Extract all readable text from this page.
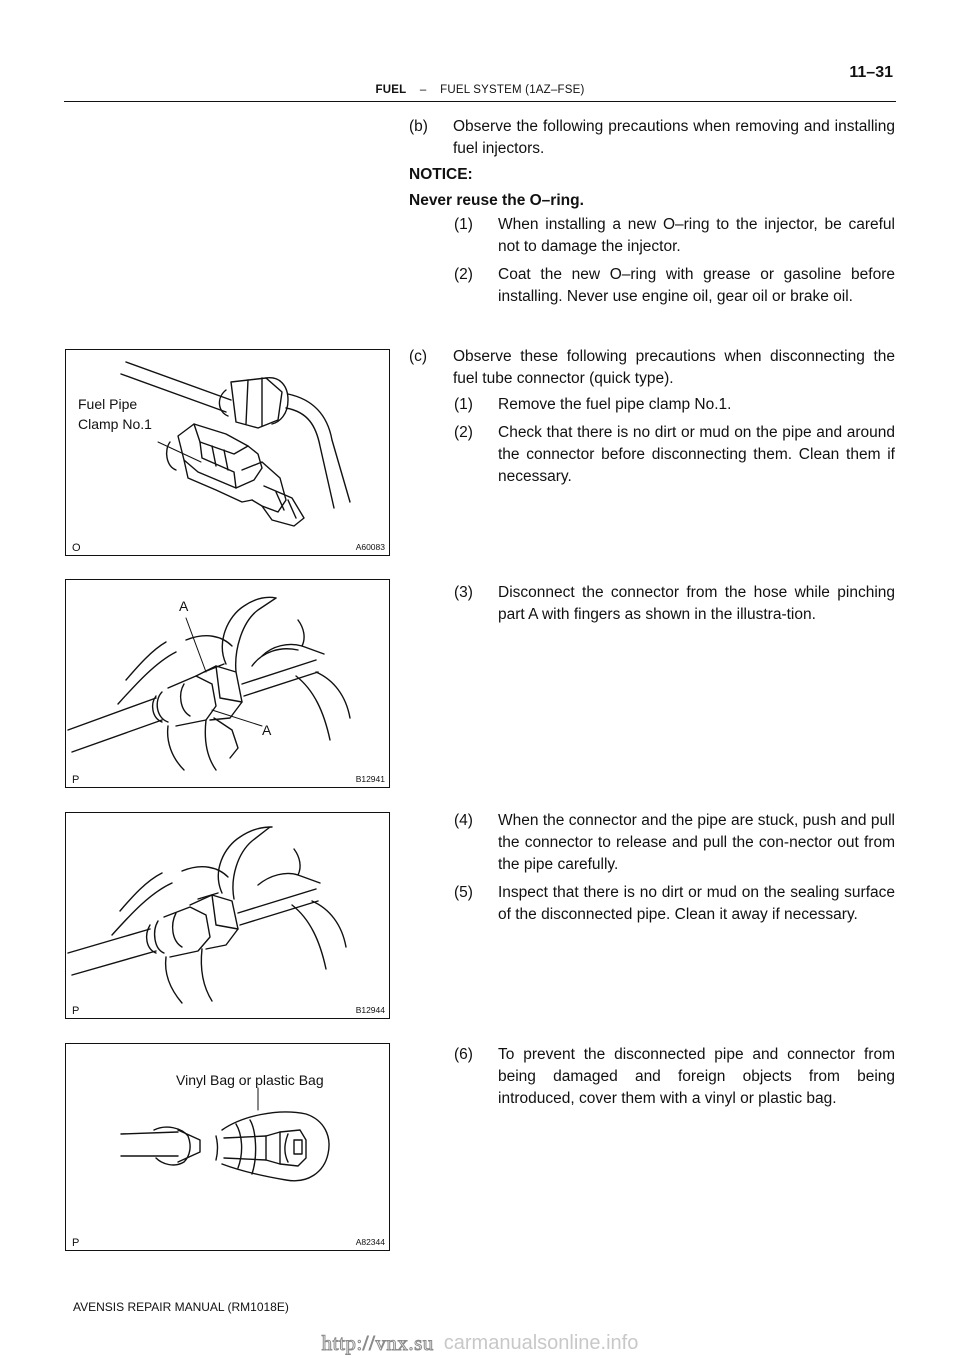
11–31
FUEL – FUEL SYSTEM (1AZ–FSE)
(b)	Observe the following precautions when removing and installing fuel injectors.
NOTICE:
Never reuse the O–ring.
(1)	When installing a new O–ring to the injector, be careful not to damage the injector.
(2)	Coat the new O–ring with grease or gasoline before installing. Never use engine oil, gear oil or brake oil.
(c)	Observe these following precautions when disconnecting the fuel tube connector (quick type).
(1)	Remove the fuel pipe clamp No.1.
(2)	Check that there is no dirt or mud on the pipe and around the connector before disconnecting them. Clean them if necessary.
(3)	Disconnect the connector from the hose while pinching part A with fingers as shown in the illustra-tion.
(4)	When the connector and the pipe are stuck, push and pull the connector to release and pull the con-nector out from the pipe carefully.
(5)	Inspect that there is no dirt or mud on the sealing surface of the disconnected pipe. Clean it away if necessary.
(6)	To prevent the disconnected pipe and connector from being damaged and foreign objects from being introduced, cover them with a vinyl or plastic bag.
Fuel Pipe
Clamp No.1
O	A60083
A
A
P	B12941
P	B12944
Vinyl Bag or plastic Bag
P	A82344
AVENSIS REPAIR MANUAL (RM1018E)
http://vnx.su carmanualsonline.info
